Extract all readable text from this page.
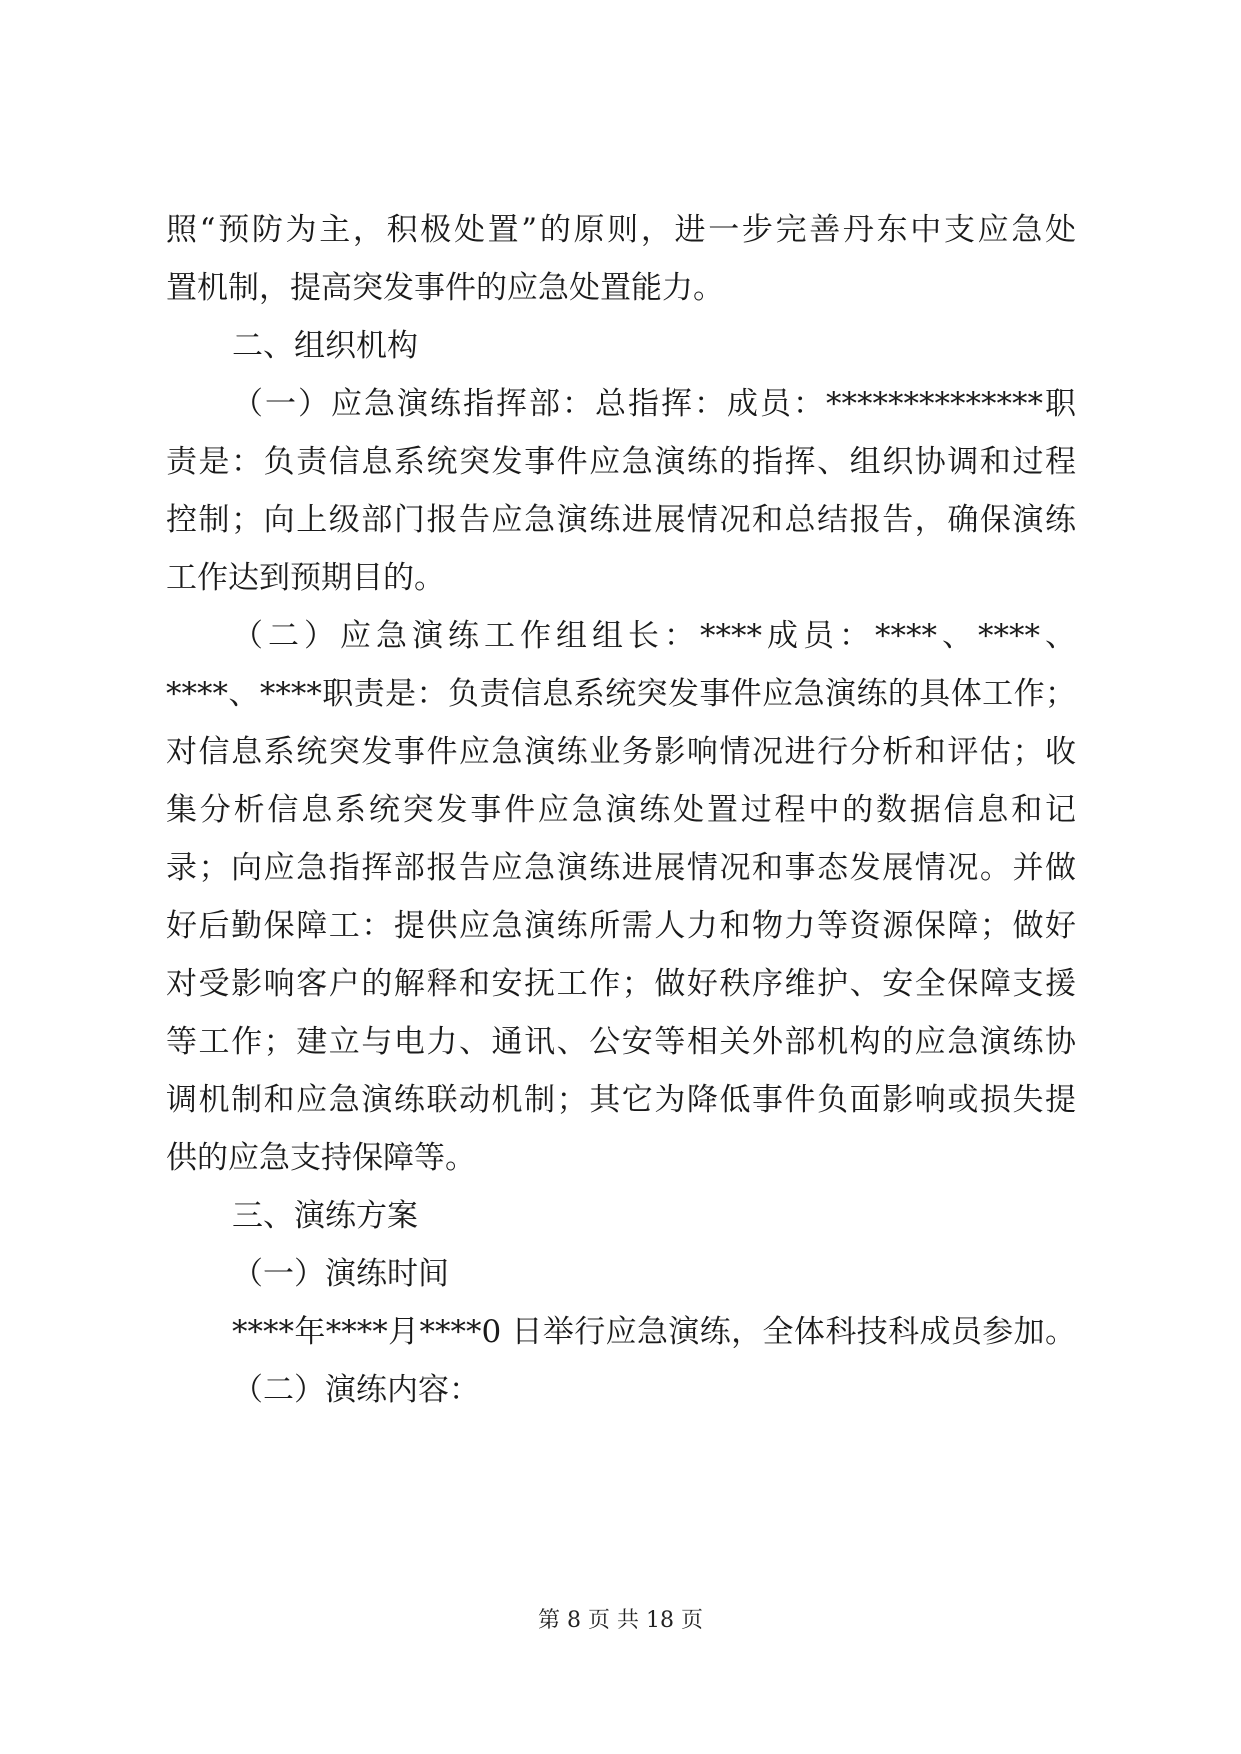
照“预防为主，积极处置”的原则，进一步完善丹东中支应急处
置机制，提高突发事件的应急处置能力。
二、组织机构
（一）应急演练指挥部：总指挥：成员：**************职
责是：负责信息系统突发事件应急演练的指挥、组织协调和过程
控制；向上级部门报告应急演练进展情况和总结报告，确保演练
工作达到预期目的。
（二）应急演练工作组组长：****成员：****、****、
****、****职责是：负责信息系统突发事件应急演练的具体工作；
对信息系统突发事件应急演练业务影响情况进行分析和评估；收
集分析信息系统突发事件应急演练处置过程中的数据信息和记
录；向应急指挥部报告应急演练进展情况和事态发展情况。并做
好后勤保障工：提供应急演练所需人力和物力等资源保障；做好
对受影响客户的解释和安抚工作；做好秩序维护、安全保障支援
等工作；建立与电力、通讯、公安等相关外部机构的应急演练协
调机制和应急演练联动机制；其它为降低事件负面影响或损失提
供的应急支持保障等。
三、演练方案
（一）演练时间
****年****月****0 日举行应急演练，全体科技科成员参加。
（二）演练内容：
第 8 页 共 18 页
